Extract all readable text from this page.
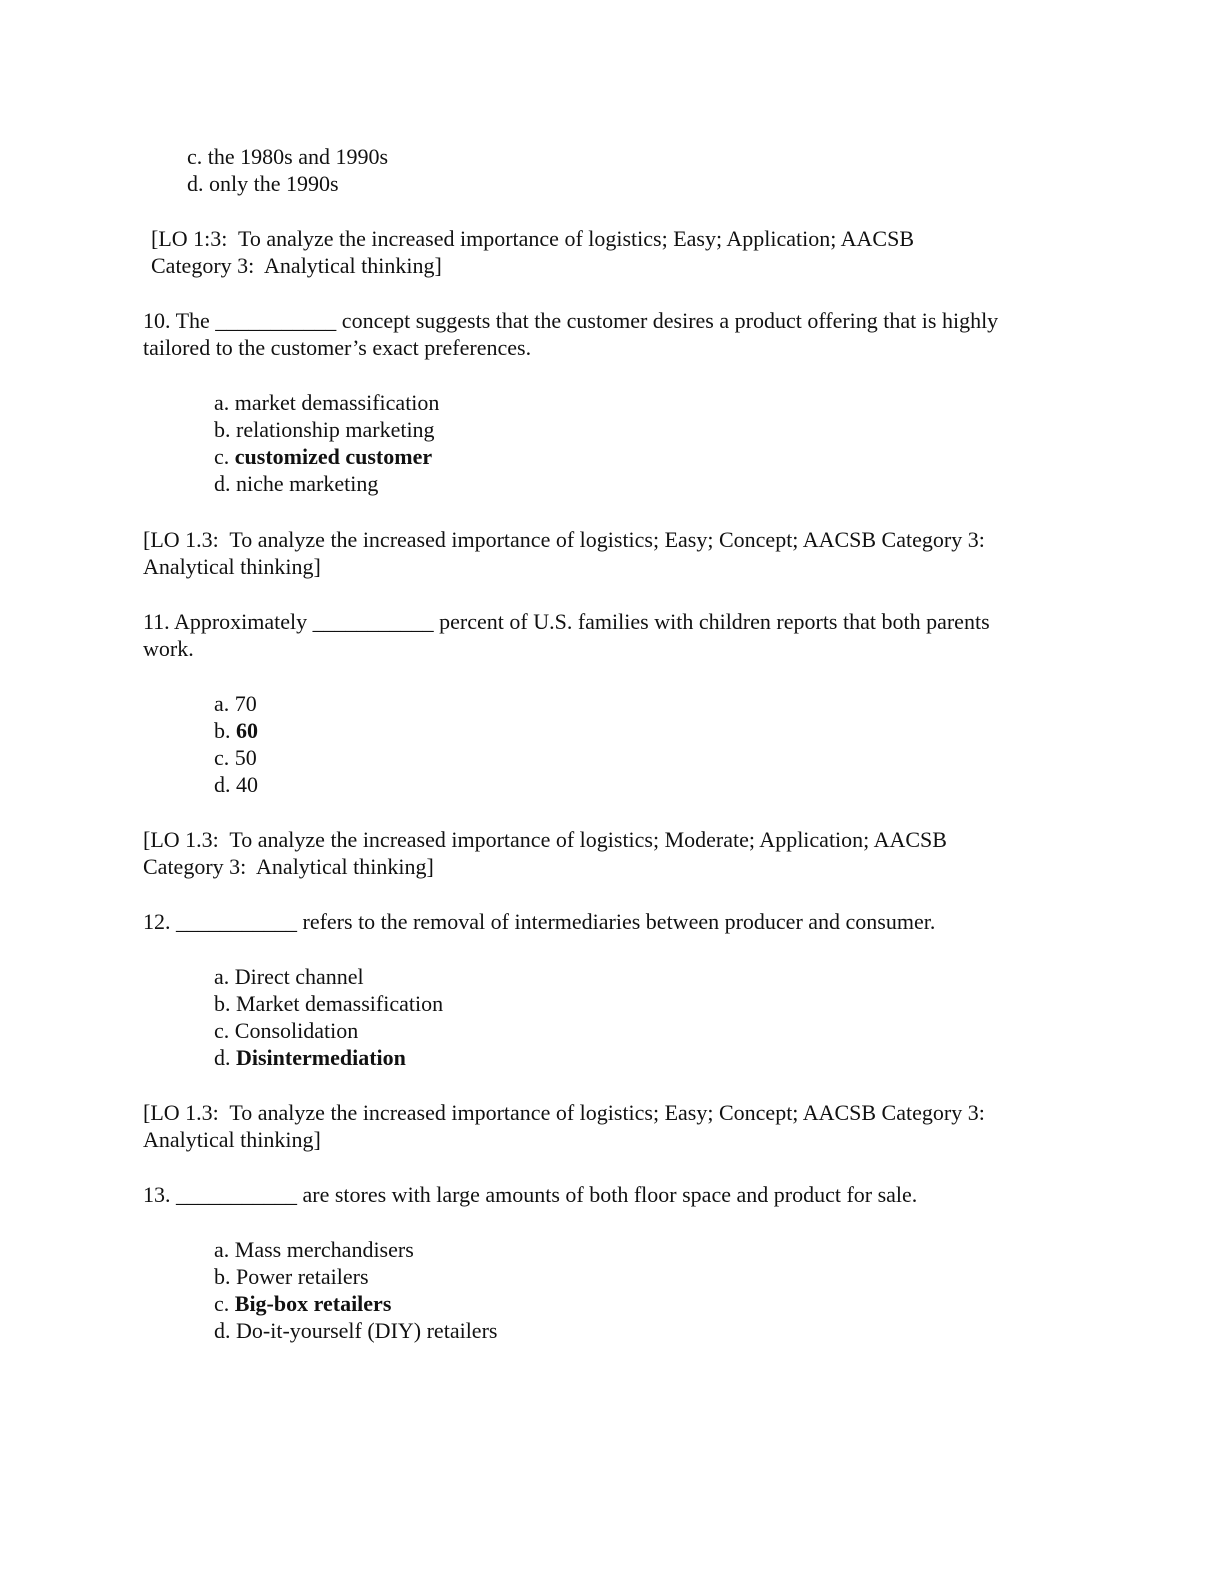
c. the 1980s and 1990s
d. only the 1990s
[LO 1:3:  To analyze the increased importance of logistics; Easy; Application; AACSB
Category 3:  Analytical thinking]
10. The ___________ concept suggests that the customer desires a product offering that is highly
tailored to the customer’s exact preferences.
a. market demassification
b. relationship marketing
c. customized customer
d. niche marketing
[LO 1.3:  To analyze the increased importance of logistics; Easy; Concept; AACSB Category 3:
Analytical thinking]
11. Approximately ___________ percent of U.S. families with children reports that both parents
work.
a. 70
b. 60
c. 50
d. 40
[LO 1.3:  To analyze the increased importance of logistics; Moderate; Application; AACSB
Category 3:  Analytical thinking]
12. ___________ refers to the removal of intermediaries between producer and consumer.
a. Direct channel
b. Market demassification
c. Consolidation
d. Disintermediation
[LO 1.3:  To analyze the increased importance of logistics; Easy; Concept; AACSB Category 3:
Analytical thinking]
13. ___________ are stores with large amounts of both floor space and product for sale.
a. Mass merchandisers
b. Power retailers
c. Big-box retailers
d. Do-it-yourself (DIY) retailers
